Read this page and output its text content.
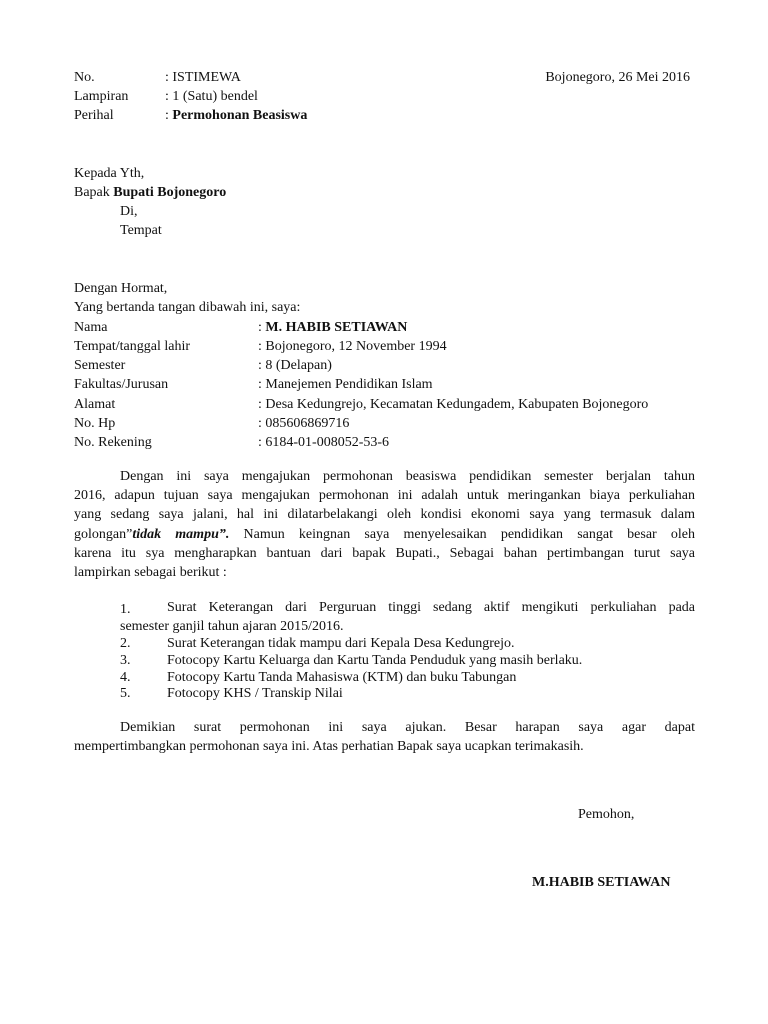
No.	: ISTIMEWA	Bojonegoro, 26 Mei 2016
Lampiran	: 1 (Satu) bendel
Perihal	: Permohonan Beasiswa
Kepada Yth,
Bapak Bupati Bojonegoro
Di,
Tempat
Dengan Hormat,
Yang bertanda tangan dibawah ini, saya:
Nama	: M. HABIB SETIAWAN
Tempat/tanggal lahir	: Bojonegoro, 12 November 1994
Semester	: 8 (Delapan)
Fakultas/Jurusan	: Manejemen Pendidikan Islam
Alamat	: Desa Kedungrejo, Kecamatan Kedungadem, Kabupaten Bojonegoro
No. Hp	: 085606869716
No. Rekening	: 6184-01-008052-53-6
Dengan ini saya mengajukan permohonan beasiswa pendidikan semester berjalan tahun
2016, adapun tujuan saya mengajukan permohonan ini adalah untuk meringankan biaya perkuliahan
yang sedang saya jalani, hal ini dilatarbelakangi oleh kondisi ekonomi saya yang termasuk dalam
golongan”tidak mampu”. Namun keingnan saya menyelesaikan pendidikan sangat besar oleh
karena itu sya mengharapkan bantuan dari bapak Bupati., Sebagai bahan pertimbangan turut saya
lampirkan sebagai berikut :
1.	Surat Keterangan dari Perguruan tinggi sedang aktif mengikuti perkuliahan pada
semester ganjil tahun ajaran 2015/2016.
2.	Surat Keterangan tidak mampu dari Kepala Desa Kedungrejo.
3.	Fotocopy Kartu Keluarga dan Kartu Tanda Penduduk yang masih berlaku.
4.	Fotocopy Kartu Tanda Mahasiswa (KTM) dan buku Tabungan
5.	Fotocopy KHS / Transkip Nilai
Demikian surat permohonan ini saya ajukan. Besar harapan saya agar dapat
mempertimbangkan permohonan saya ini. Atas perhatian Bapak saya ucapkan terimakasih.
Pemohon,
M.HABIB SETIAWAN
